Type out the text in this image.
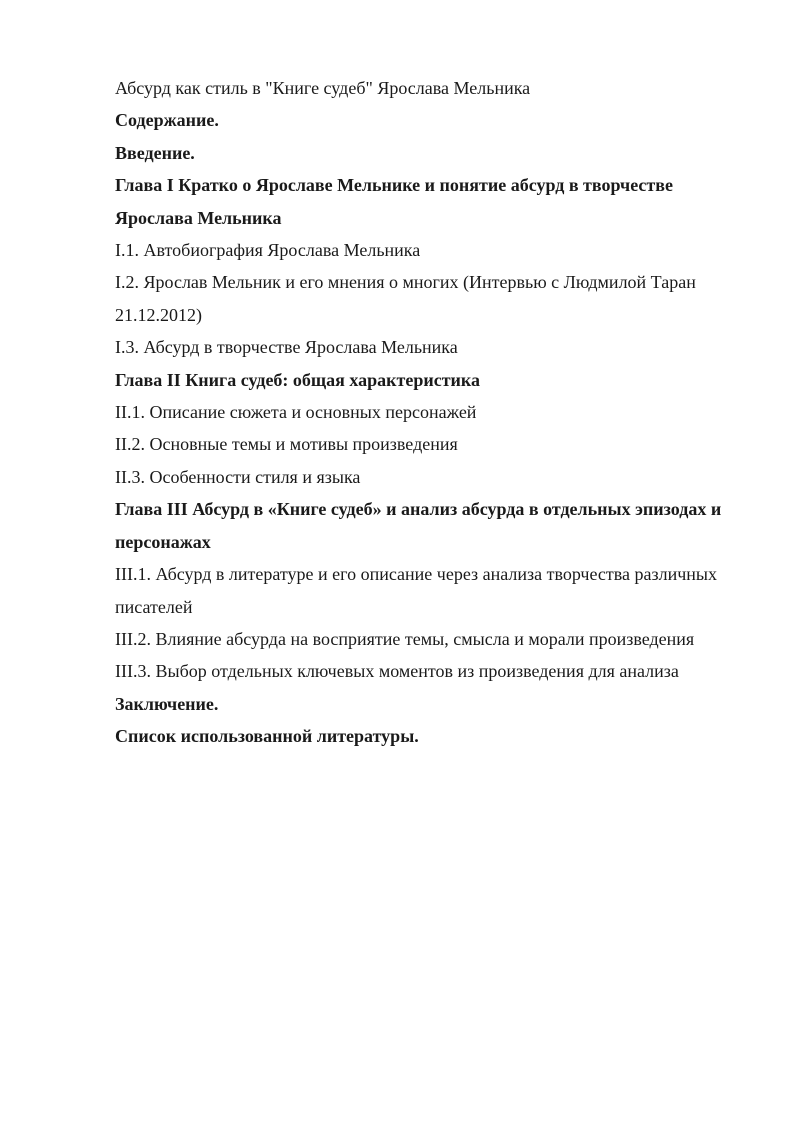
Абсурд как стиль в "Книге судеб" Ярослава Мельника

Содержание.

Введение.

Глава I Кратко о Ярославе Мельнике и понятие абсурд в творчестве Ярослава Мельника

I.1. Автобиография Ярослава Мельника

I.2. Ярослав Мельник и его мнения о многих (Интервью с Людмилой Таран 21.12.2012)

I.3. Абсурд в творчестве Ярослава Мельника

Глава II Книга судеб: общая характеристика

II.1. Описание сюжета и основных персонажей

II.2. Основные темы и мотивы произведения

II.3. Особенности стиля и языка

Глава III Абсурд в «Книге судеб» и анализ абсурда в отдельных эпизодах и персонажах

III.1. Абсурд в литературе и его описание через анализа творчества различных писателей

III.2. Влияние абсурда на восприятие темы, смысла и морали произведения

III.3. Выбор отдельных ключевых моментов из произведения для анализа

Заключение.

Список использованной литературы.
